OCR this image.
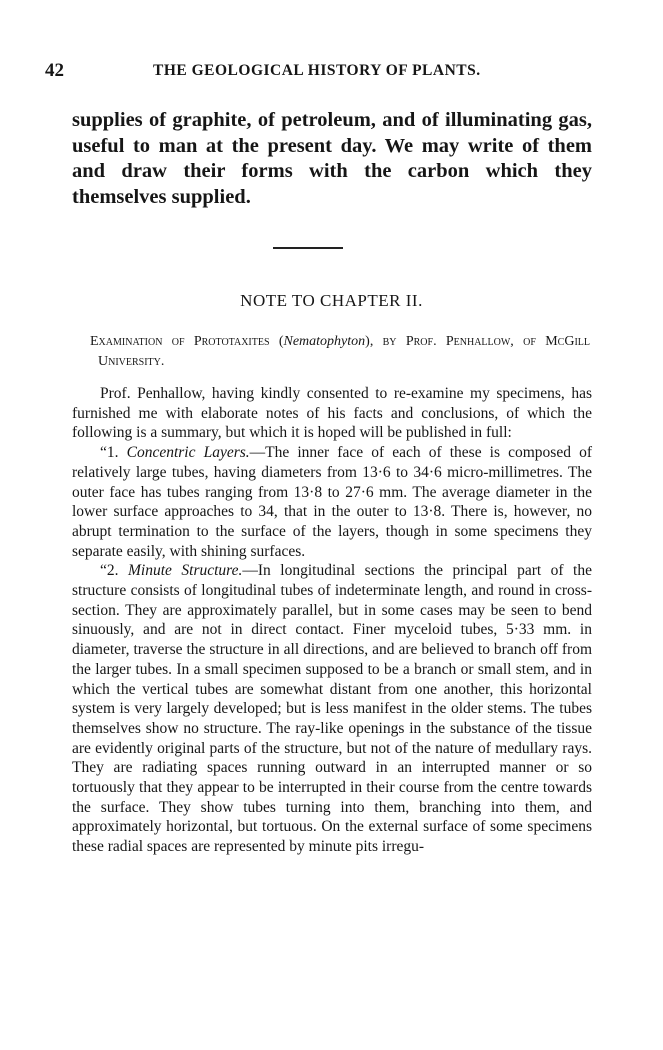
42	THE GEOLOGICAL HISTORY OF PLANTS.

supplies of graphite, of petroleum, and of illuminating gas, useful to man at the present day. We may write of them and draw their forms with the carbon which they themselves supplied.

NOTE TO CHAPTER II.
Examination of Prototaxites (Nematophyton), by Prof. Penhallow, of McGill University.

Prof. Penhallow, having kindly consented to re-examine my specimens, has furnished me with elaborate notes of his facts and conclusions, of which the following is a summary, but which it is hoped will be published in full:

“1. Concentric Layers.—The inner face of each of these is composed of relatively large tubes, having diameters from 13·6 to 34·6 micro-millimetres. The outer face has tubes ranging from 13·8 to 27·6 mm. The average diameter in the lower surface approaches to 34, that in the outer to 13·8. There is, however, no abrupt termination to the surface of the layers, though in some specimens they separate easily, with shining surfaces.

“2. Minute Structure.—In longitudinal sections the principal part of the structure consists of longitudinal tubes of indeterminate length, and round in cross-section. They are approximately parallel, but in some cases may be seen to bend sinuously, and are not in direct contact. Finer myceloid tubes, 5·33 mm. in diameter, traverse the structure in all directions, and are believed to branch off from the larger tubes. In a small specimen supposed to be a branch or small stem, and in which the vertical tubes are somewhat distant from one another, this horizontal system is very largely developed; but is less manifest in the older stems. The tubes themselves show no structure. The ray-like openings in the substance of the tissue are evidently original parts of the structure, but not of the nature of medullary rays. They are radiating spaces running outward in an interrupted manner or so tortuously that they appear to be interrupted in their course from the centre towards the surface. They show tubes turning into them, branching into them, and approximately horizontal, but tortuous. On the external surface of some specimens these radial spaces are represented by minute pits irregu-
